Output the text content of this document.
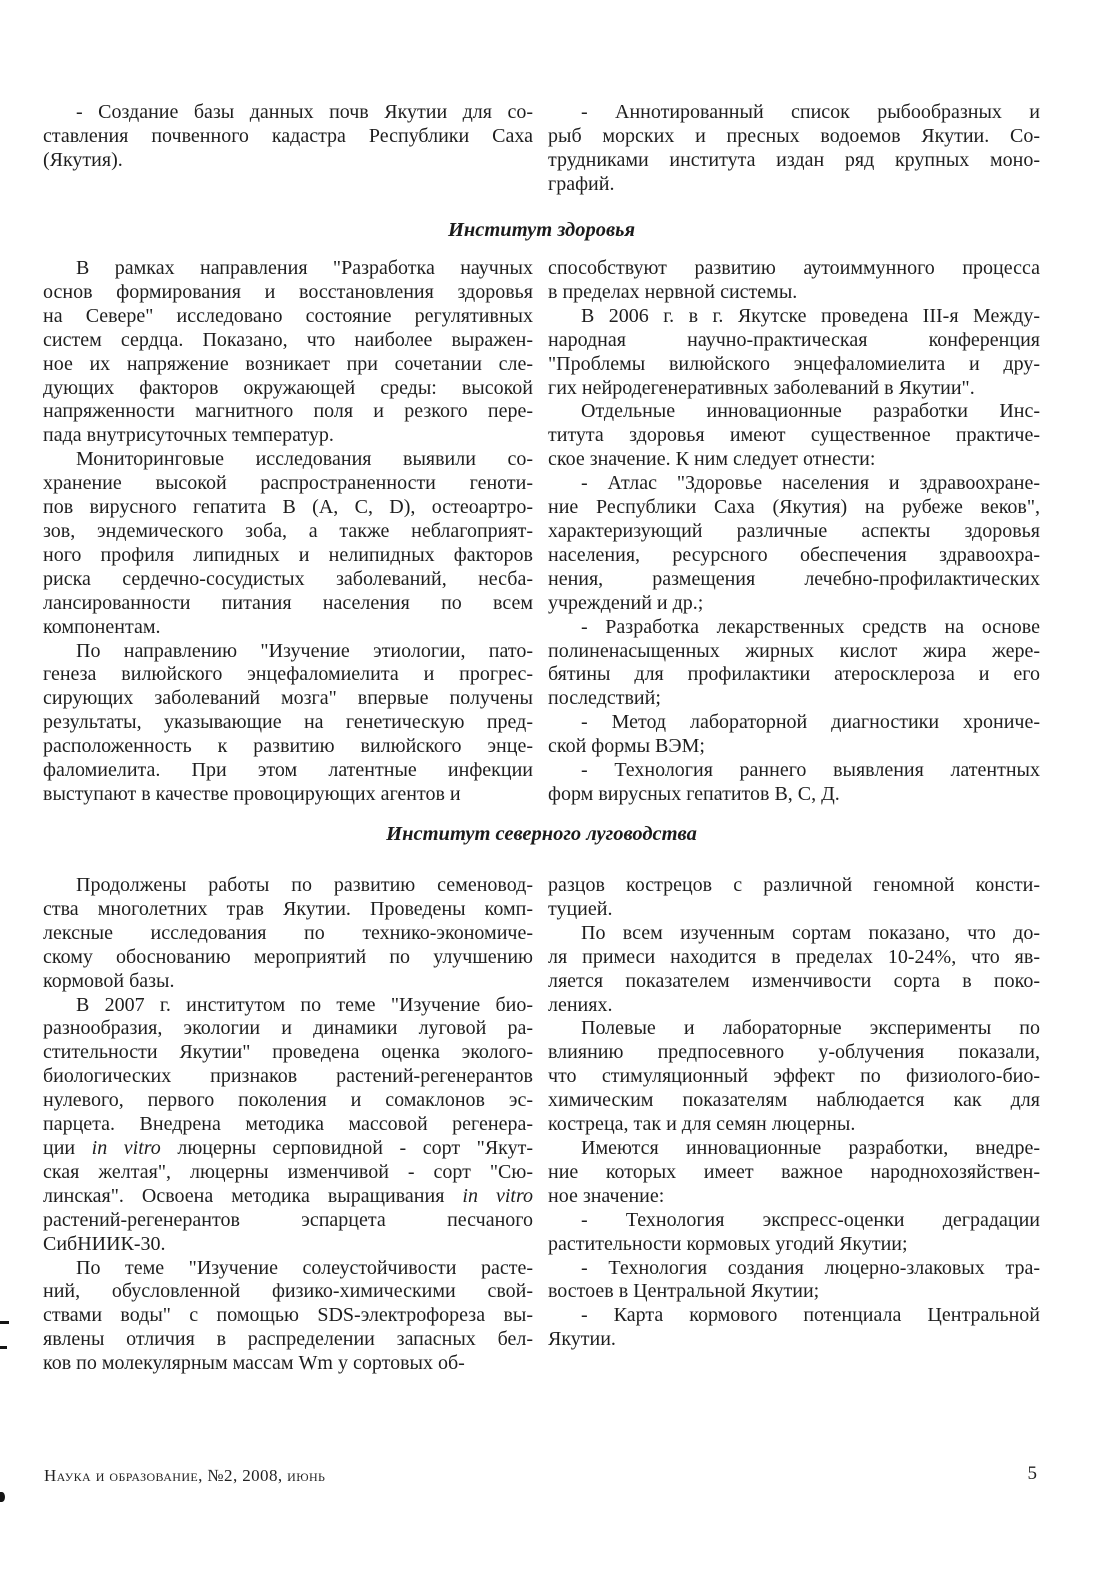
- Создание базы данных почв Якутии для со-
ставления почвенного кадастра Республики Саха
(Якутия).
- Аннотированный список рыбообразных и
рыб морских и пресных водоемов Якутии. Со-
трудниками института издан ряд крупных моно-
графий.
Институт здоровья
В рамках направления "Разработка научных
основ формирования и восстановления здоровья
на Севере" исследовано состояние регулятивных
систем сердца. Показано, что наиболее выражен-
ное их напряжение возникает при сочетании сле-
дующих факторов окружающей среды: высокой
напряженности магнитного поля и резкого пере-
пада внутрисуточных температур.
Мониторинговые исследования выявили со-
хранение высокой распространенности геноти-
пов вирусного гепатита В (А, С, D), остеоартро-
зов, эндемического зоба, а также неблагоприят-
ного профиля липидных и нелипидных факторов
риска сердечно-сосудистых заболеваний, несба-
лансированности питания населения по всем
компонентам.
По направлению "Изучение этиологии, пато-
генеза вилюйского энцефаломиелита и прогрес-
сирующих заболеваний мозга" впервые получены
результаты, указывающие на генетическую пред-
расположенность к развитию вилюйского энце-
фаломиелита. При этом латентные инфекции
выступают в качестве провоцирующих агентов и
способствуют развитию аутоиммунного процесса
в пределах нервной системы.
В 2006 г. в г. Якутске проведена III-я Между-
народная научно-практическая конференция
"Проблемы вилюйского энцефаломиелита и дру-
гих нейродегенеративных заболеваний в Якутии".
Отдельные инновационные разработки Инс-
титута здоровья имеют существенное практиче-
ское значение. К ним следует отнести:
- Атлас "Здоровье населения и здравоохране-
ние Республики Саха (Якутия) на рубеже веков",
характеризующий различные аспекты здоровья
населения, ресурсного обеспечения здравоохра-
нения, размещения лечебно-профилактических
учреждений и др.;
- Разработка лекарственных средств на основе
полиненасыщенных жирных кислот жира жере-
бятины для профилактики атеросклероза и его
последствий;
- Метод лабораторной диагностики хрониче-
ской формы ВЭМ;
- Технология раннего выявления латентных
форм вирусных гепатитов В, С, Д.
Институт северного луговодства
Продолжены работы по развитию семеновод-
ства многолетних трав Якутии. Проведены комп-
лексные исследования по технико-экономиче-
скому обоснованию мероприятий по улучшению
кормовой базы.
В 2007 г. институтом по теме "Изучение био-
разнообразия, экологии и динамики луговой ра-
стительности Якутии" проведена оценка эколого-
биологических признаков растений-регенерантов
нулевого, первого поколения и сомаклонов эс-
парцета. Внедрена методика массовой регенера-
ции in vitro люцерны серповидной - сорт "Якут-
ская желтая", люцерны изменчивой - сорт "Сю-
линская". Освоена методика выращивания in vitro
растений-регенерантов эспарцета песчаного
СибНИИК-30.
По теме "Изучение солеустойчивости расте-
ний, обусловленной физико-химическими свой-
ствами воды" с помощью SDS-электрофореза вы-
явлены отличия в распределении запасных бел-
ков по молекулярным массам Wm у сортовых об-
разцов кострецов с различной геномной консти-
туцией.
По всем изученным сортам показано, что до-
ля примеси находится в пределах 10-24%, что яв-
ляется показателем изменчивости сорта в поко-
лениях.
Полевые и лабораторные эксперименты по
влиянию предпосевного у-облучения показали,
что стимуляционный эффект по физиолого-био-
химическим показателям наблюдается как для
костреца, так и для семян люцерны.
Имеются инновационные разработки, внедре-
ние которых имеет важное народнохозяйствен-
ное значение:
- Технология экспресс-оценки деградации
растительности кормовых угодий Якутии;
- Технология создания люцерно-злаковых тра-
востоев в Центральной Якутии;
- Карта кормового потенциала Центральной
Якутии.
Наука и образование, №2, 2008, июнь	5
